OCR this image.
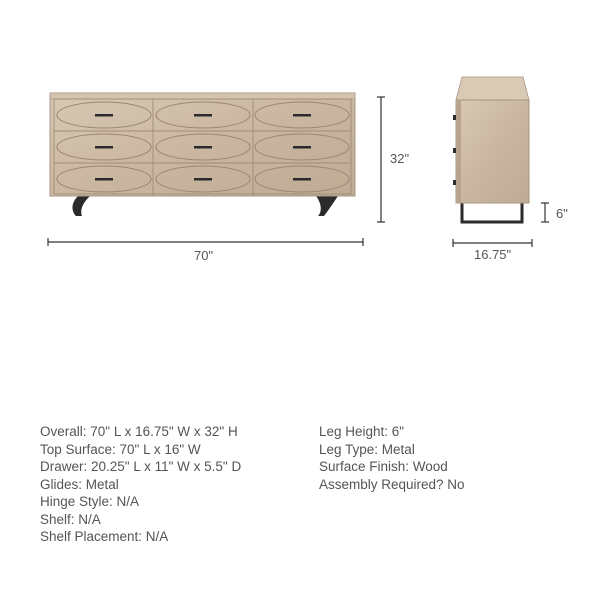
32"
70"	16.75"
6"
Overall: 70" L x 16.75" W x 32" H
Top Surface: 70" L x 16" W
Drawer: 20.25" L x 11" W x 5.5" D
Glides: Metal
Hinge Style: N/A
Shelf: N/A
Shelf Placement: N/A
Leg Height: 6"
Leg Type: Metal
Surface Finish: Wood
Assembly Required? No
